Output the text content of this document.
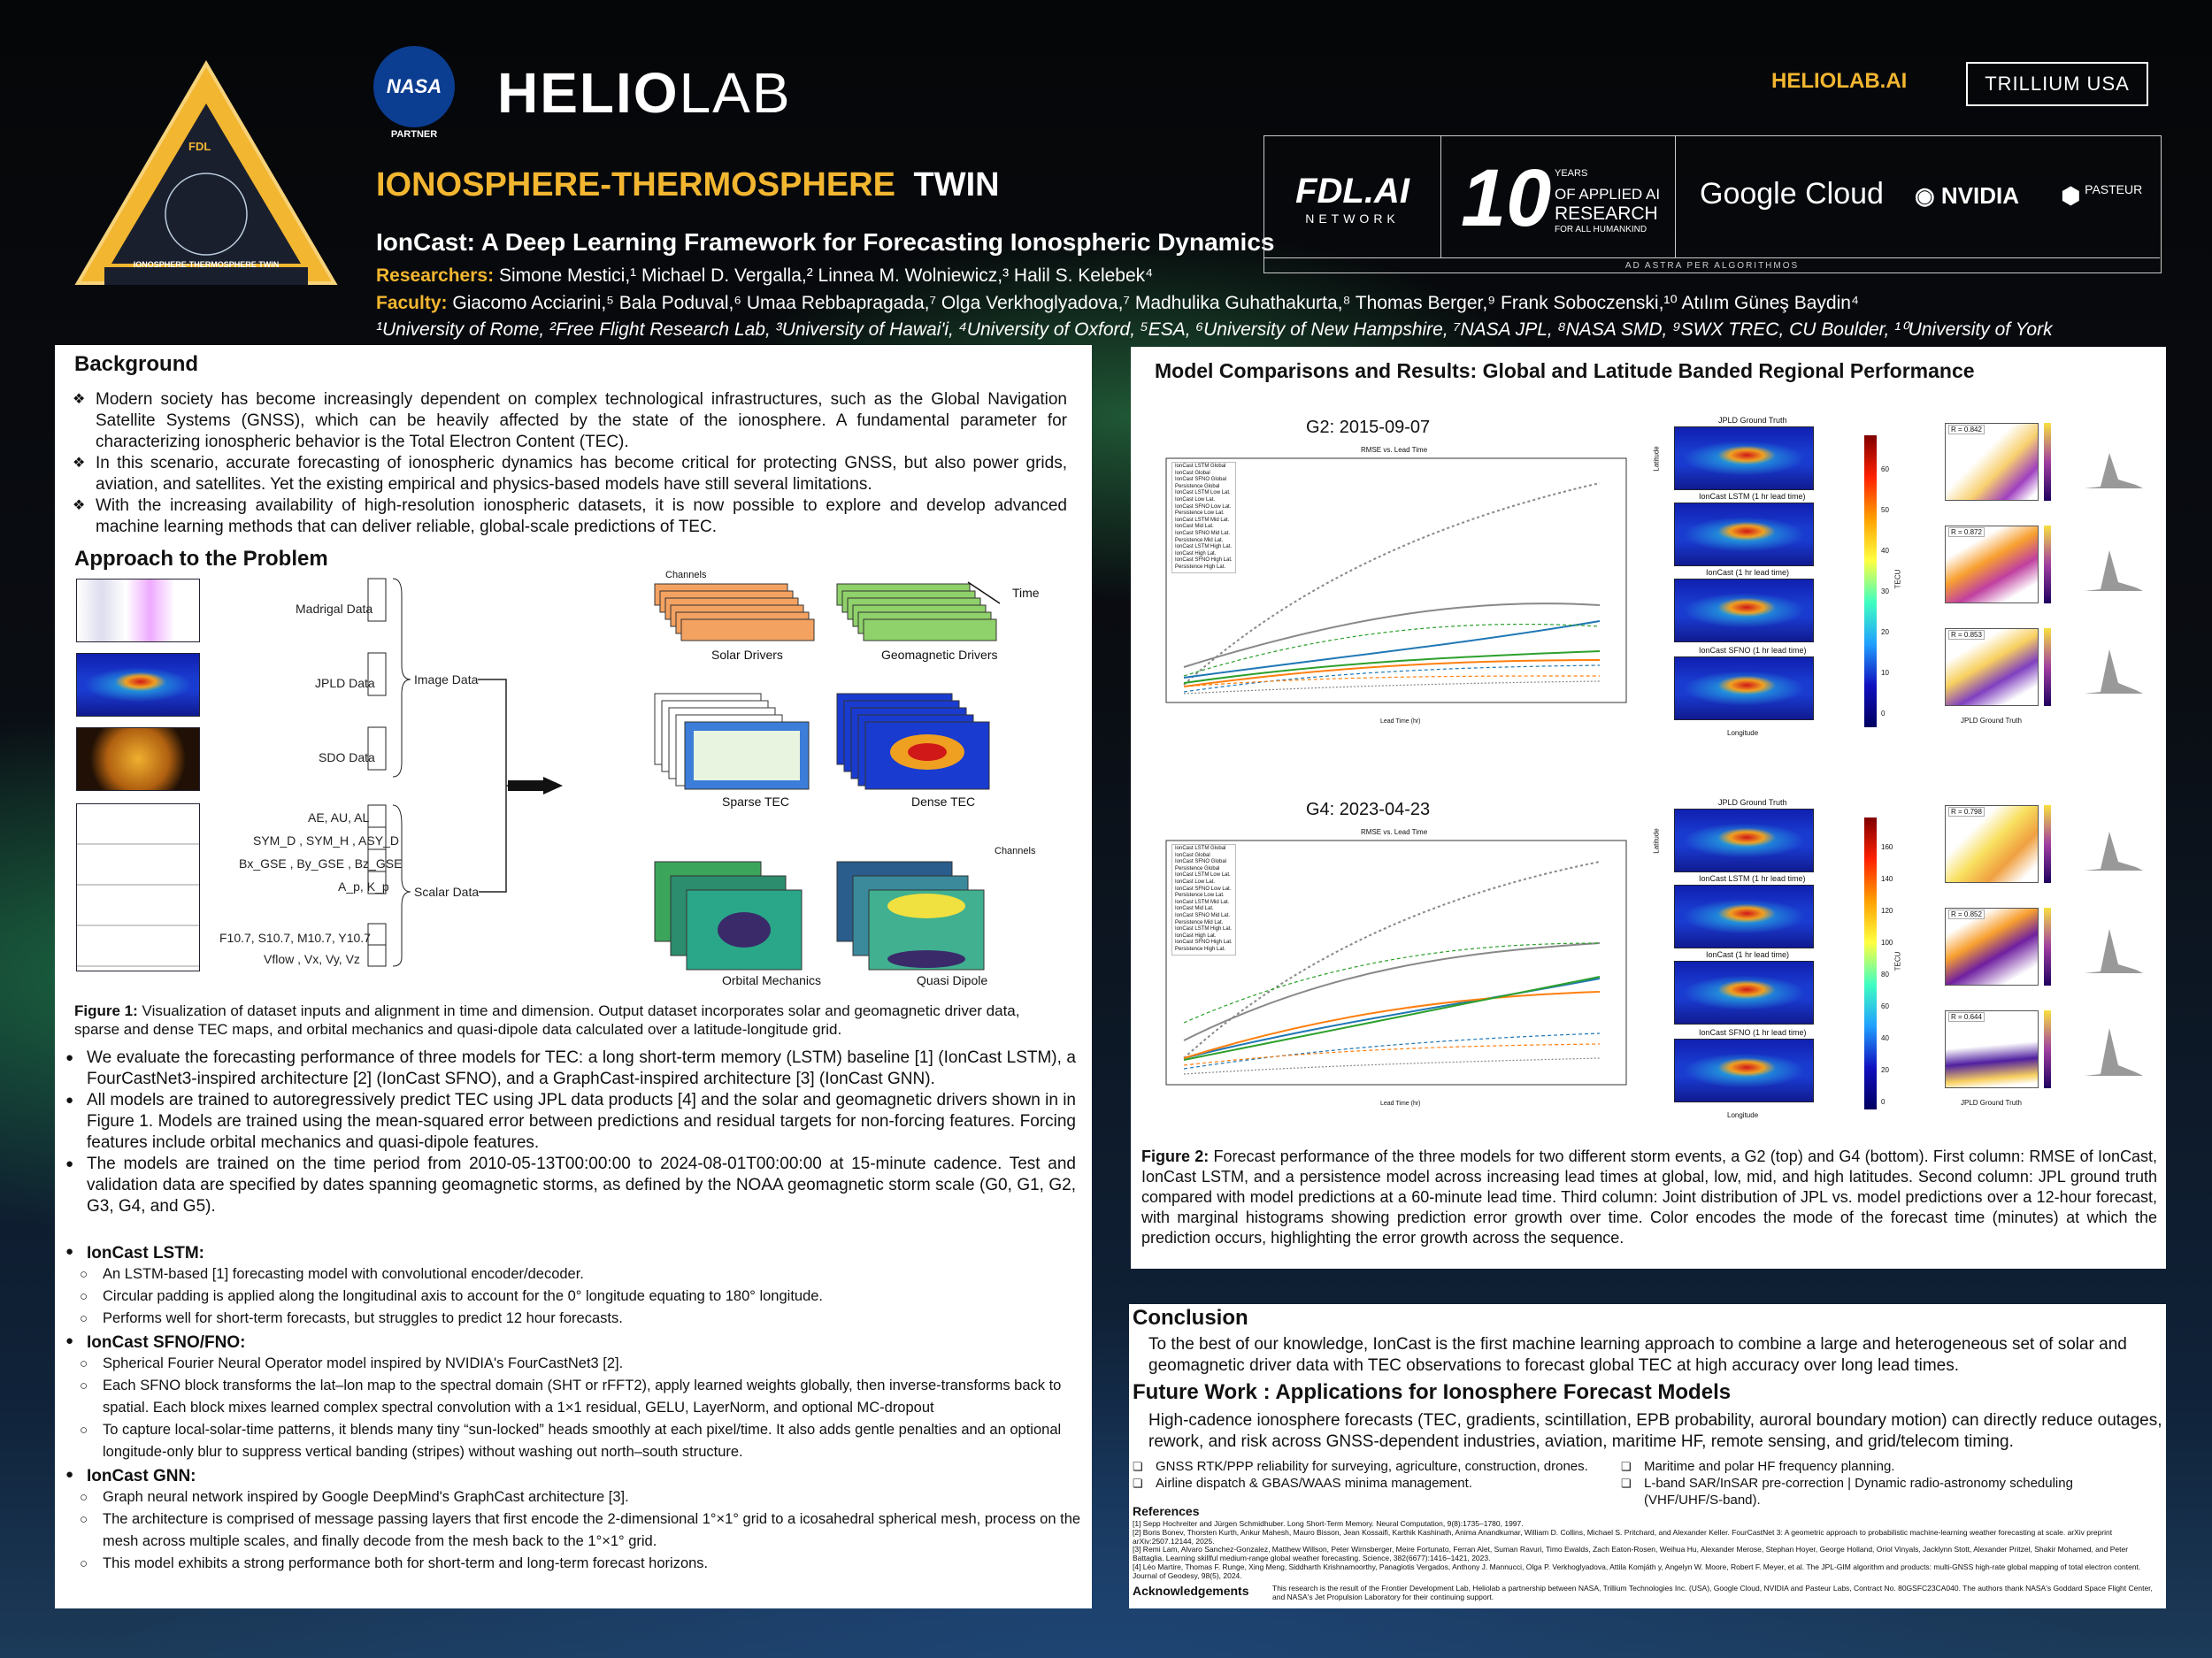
FDL
IONOSPHERE-THERMOSPHERE TWIN
NASA
PARTNER
HELIOLAB	HELIOLAB.AI	TRILLIUM USA
IONOSPHERE-THERMOSPHERE TWIN
IonCast: A Deep Learning Framework for Forecasting Ionospheric Dynamics
Researchers: Simone Mestici,¹ Michael D. Vergalla,² Linnea M. Wolniewicz,³ Halil S. Kelebek⁴
Faculty: Giacomo Acciarini,⁵ Bala Poduval,⁶ Umaa Rebbapragada,⁷ Olga Verkhoglyadova,⁷ Madhulika Guhathakurta,⁸ Thomas Berger,⁹ Frank Soboczenski,¹⁰ Atılım Güneş Baydin⁴
¹University of Rome, ²Free Flight Research Lab, ³University of Hawai'i, ⁴University of Oxford, ⁵ESA, ⁶University of New Hampshire, ⁷NASA JPL, ⁸NASA SMD, ⁹SWX TREC, CU Boulder, ¹⁰University of York
FDL.AI
NETWORK 10 YEARS
OF APPLIED AI
RESEARCH
FOR ALL HUMANKIND
Google Cloud ◉ NVIDIA ⬢ PASTEUR
AD ASTRA PER ALGORITHMOS
Background
❖ Modern society has become increasingly dependent on complex technological infrastructures, such as the Global Navigation Satellite Systems (GNSS), which can be heavily affected by the state of the ionosphere. A fundamental parameter for characterizing ionospheric behavior is the Total Electron Content (TEC).
❖ In this scenario, accurate forecasting of ionospheric dynamics has become critical for protecting GNSS, but also power grids, aviation, and satellites. Yet the existing empirical and physics-based models have still several limitations.
❖ With the increasing availability of high-resolution ionospheric datasets, it is now possible to explore and develop advanced machine learning methods that can deliver reliable, global-scale predictions of TEC.
Approach to the Problem
Madrigal Data
JPLD Data
SDO Data
AE, AU, AL
SYM_D , SYM_H , ASY_D
Bx_GSE , By_GSE , Bz_GSE
A_p, K_p
F10.7, S10.7, M10.7, Y10.7
Vflow , Vx, Vy, Vz
Image Data
Scalar Data
Channels
Time
Solar Drivers	Geomagnetic Drivers
Sparse TEC	Dense TEC
Channels
Orbital Mechanics	Quasi Dipole
Figure 1: Visualization of dataset inputs and alignment in time and dimension. Output dataset incorporates solar and geomagnetic driver data, sparse and dense TEC maps, and orbital mechanics and quasi-dipole data calculated over a latitude-longitude grid.
● We evaluate the forecasting performance of three models for TEC: a long short-term memory (LSTM) baseline [1] (IonCast LSTM), a FourCastNet3-inspired architecture [2] (IonCast SFNO), and a GraphCast-inspired architecture [3] (IonCast GNN).
● All models are trained to autoregressively predict TEC using JPL data products [4] and the solar and geomagnetic drivers shown in in Figure 1. Models are trained using the mean-squared error between predictions and residual targets for non-forcing features. Forcing features include orbital mechanics and quasi-dipole features.
● The models are trained on the time period from 2010-05-13T00:00:00 to 2024-08-01T00:00:00 at 15-minute cadence. Test and validation data are specified by dates spanning geomagnetic storms, as defined by the NOAA geomagnetic storm scale (G0, G1, G2, G3, G4, and G5).
● IonCast LSTM:
○ An LSTM-based [1] forecasting model with convolutional encoder/decoder.
○ Circular padding is applied along the longitudinal axis to account for the 0° longitude equating to 180° longitude.
○ Performs well for short-term forecasts, but struggles to predict 12 hour forecasts.
● IonCast SFNO/FNO:
○ Spherical Fourier Neural Operator model inspired by NVIDIA's FourCastNet3 [2].
○ Each SFNO block transforms the lat–lon map to the spectral domain (SHT or rFFT2), apply learned weights globally, then inverse-transforms back to spatial. Each block mixes learned complex spectral convolution with a 1×1 residual, GELU, LayerNorm, and optional MC-dropout
○ To capture local-solar-time patterns, it blends many tiny “sun-locked” heads smoothly at each pixel/time. It also adds gentle penalties and an optional longitude-only blur to suppress vertical banding (stripes) without washing out north–south structure.
● IonCast GNN:
○ Graph neural network inspired by Google DeepMind's GraphCast architecture [3].
○ The architecture is comprised of message passing layers that first encode the 2-dimensional 1°×1° grid to a icosahedral spherical mesh, process on the mesh across multiple scales, and finally decode from the mesh back to the 1°×1° grid.
○ This model exhibits a strong performance both for short-term and long-term forecast horizons.
Model Comparisons and Results: Global and Latitude Banded Regional Performance
G2: 2015-09-07
RMSE vs. Lead Time
IonCast LSTM Global
IonCast Global
IonCast SFNO Global
Persistence Global
IonCast LSTM Low Lat.
IonCast Low Lat.
IonCast SFNO Low Lat.
Persistence Low Lat.
IonCast LSTM Mid Lat.
IonCast Mid Lat.
IonCast SFNO Mid Lat.
Persistence Mid Lat.
IonCast LSTM High Lat.
IonCast High Lat.
IonCast SFNO High Lat.
Persistence High Lat.
Lead Time (hr)
JPLD Ground Truth
IonCast LSTM (1 hr lead time)
IonCast (1 hr lead time)
IonCast SFNO (1 hr lead time)
Longitude
Latitude	60
50
40
30
20
10
0
TECU
R = 0.842
R = 0.872
R = 0.853
JPLD Ground Truth
G4: 2023-04-23
RMSE vs. Lead Time
IonCast LSTM Global
IonCast Global
IonCast SFNO Global
Persistence Global
IonCast LSTM Low Lat.
IonCast Low Lat.
IonCast SFNO Low Lat.
Persistence Low Lat.
IonCast LSTM Mid Lat.
IonCast Mid Lat.
IonCast SFNO Mid Lat.
Persistence Mid Lat.
IonCast LSTM High Lat.
IonCast High Lat.
IonCast SFNO High Lat.
Persistence High Lat.
Lead Time (hr)
JPLD Ground Truth
IonCast LSTM (1 hr lead time)
IonCast (1 hr lead time)
IonCast SFNO (1 hr lead time)
Longitude
Latitude	160
140
120
100
80
60
40
20
0
TECU
R = 0.798
R = 0.852
R = 0.644
JPLD Ground Truth
Figure 2: Forecast performance of the three models for two different storm events, a G2 (top) and G4 (bottom). First column: RMSE of IonCast, IonCast LSTM, and a persistence model across increasing lead times at global, low, mid, and high latitudes. Second column: JPL ground truth compared with model predictions at a 60-minute lead time. Third column: Joint distribution of JPL vs. model predictions over a 12-hour forecast, with marginal histograms showing prediction error growth over time. Color encodes the mode of the forecast time (minutes) at which the prediction occurs, highlighting the error growth across the sequence.
Conclusion
To the best of our knowledge, IonCast is the first machine learning approach to combine a large and heterogeneous set of solar and geomagnetic driver data with TEC observations to forecast global TEC at high accuracy over long lead times.
Future Work : Applications for Ionosphere Forecast Models
High-cadence ionosphere forecasts (TEC, gradients, scintillation, EPB probability, auroral boundary motion) can directly reduce outages, rework, and risk across GNSS-dependent industries, aviation, maritime HF, remote sensing, and grid/telecom timing.
❏ GNSS RTK/PPP reliability for surveying, agriculture, construction, drones.
❏ Airline dispatch & GBAS/WAAS minima management.
❏ Maritime and polar HF frequency planning.
❏ L-band SAR/InSAR pre-correction | Dynamic radio-astronomy scheduling (VHF/UHF/S-band).
References
[1] Sepp Hochreiter and Jürgen Schmidhuber. Long Short-Term Memory. Neural Computation, 9(8):1735–1780, 1997.
[2] Boris Bonev, Thorsten Kurth, Ankur Mahesh, Mauro Bisson, Jean Kossaifi, Karthik Kashinath, Anima Anandkumar, William D. Collins, Michael S. Pritchard, and Alexander Keller. FourCastNet 3: A geometric approach to probabilistic machine-learning weather forecasting at scale. arXiv preprint arXiv:2507.12144, 2025.
[3] Remi Lam, Alvaro Sanchez-Gonzalez, Matthew Willson, Peter Wirnsberger, Meire Fortunato, Ferran Alet, Suman Ravuri, Timo Ewalds, Zach Eaton-Rosen, Weihua Hu, Alexander Merose, Stephan Hoyer, George Holland, Oriol Vinyals, Jacklynn Stott, Alexander Pritzel, Shakir Mohamed, and Peter Battaglia. Learning skillful medium-range global weather forecasting. Science, 382(6677):1416–1421, 2023.
[4] Léo Martire, Thomas F. Runge, Xing Meng, Siddharth Krishnamoorthy, Panagiotis Vergados, Anthony J. Mannucci, Olga P. Verkhoglyadova, Attila Komjáth y, Angelyn W. Moore, Robert F. Meyer, et al. The JPL-GIM algorithm and products: multi-GNSS high-rate global mapping of total electron content. Journal of Geodesy, 98(5), 2024.
Acknowledgements	This research is the result of the Frontier Development Lab, Heliolab a partnership between NASA, Trillium Technologies Inc. (USA), Google Cloud, NVIDIA and Pasteur Labs, Contract No. 80GSFC23CA040. The authors thank NASA's Goddard Space Flight Center, and NASA's Jet Propulsion Laboratory for their continuing support.
